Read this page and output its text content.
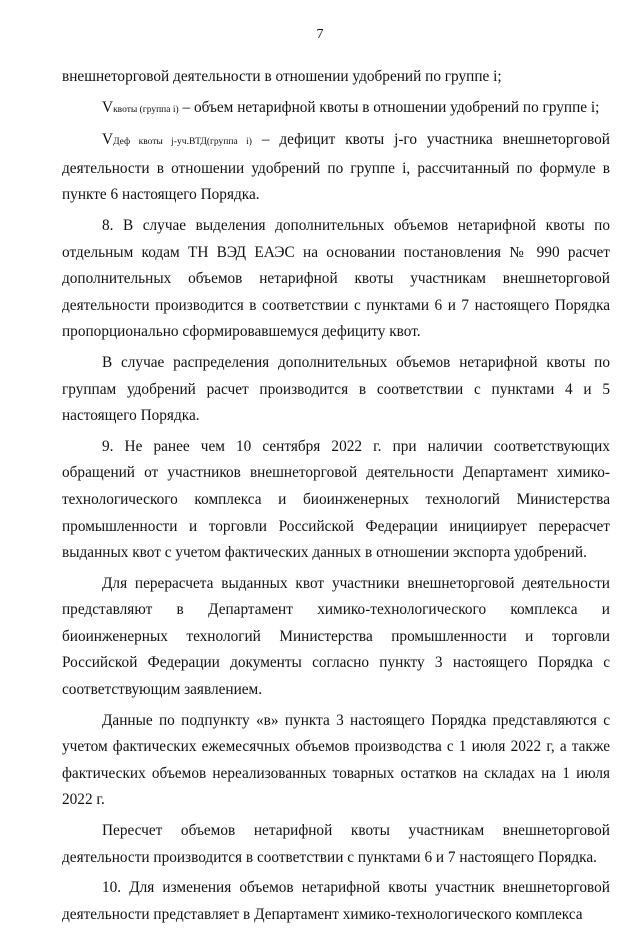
7

внешнеторговой деятельности в отношении удобрений по группе i;

Vквоты (группа i) – объем нетарифной квоты в отношении удобрений по группе i;

VДеф квоты j-уч.ВТД(группа i) – дефицит квоты j-го участника внешнеторговой деятельности в отношении удобрений по группе i, рассчитанный по формуле в пункте 6 настоящего Порядка.

8. В случае выделения дополнительных объемов нетарифной квоты по отдельным кодам ТН ВЭД ЕАЭС на основании постановления № 990 расчет дополнительных объемов нетарифной квоты участникам внешнеторговой деятельности производится в соответствии с пунктами 6 и 7 настоящего Порядка пропорционально сформировавшемуся дефициту квот.

В случае распределения дополнительных объемов нетарифной квоты по группам удобрений расчет производится в соответствии с пунктами 4 и 5 настоящего Порядка.

9. Не ранее чем 10 сентября 2022 г. при наличии соответствующих обращений от участников внешнеторговой деятельности Департамент химико-технологического комплекса и биоинженерных технологий Министерства промышленности и торговли Российской Федерации инициирует перерасчет выданных квот с учетом фактических данных в отношении экспорта удобрений.

Для перерасчета выданных квот участники внешнеторговой деятельности представляют в Департамент химико-технологического комплекса и биоинженерных технологий Министерства промышленности и торговли Российской Федерации документы согласно пункту 3 настоящего Порядка с соответствующим заявлением.

Данные по подпункту «в» пункта 3 настоящего Порядка представляются с учетом фактических ежемесячных объемов производства с 1 июля 2022 г, а также фактических объемов нереализованных товарных остатков на складах на 1 июля 2022 г.

Пересчет объемов нетарифной квоты участникам внешнеторговой деятельности производится в соответствии с пунктами 6 и 7 настоящего Порядка.

10. Для изменения объемов нетарифной квоты участник внешнеторговой деятельности представляет в Департамент химико-технологического комплекса
